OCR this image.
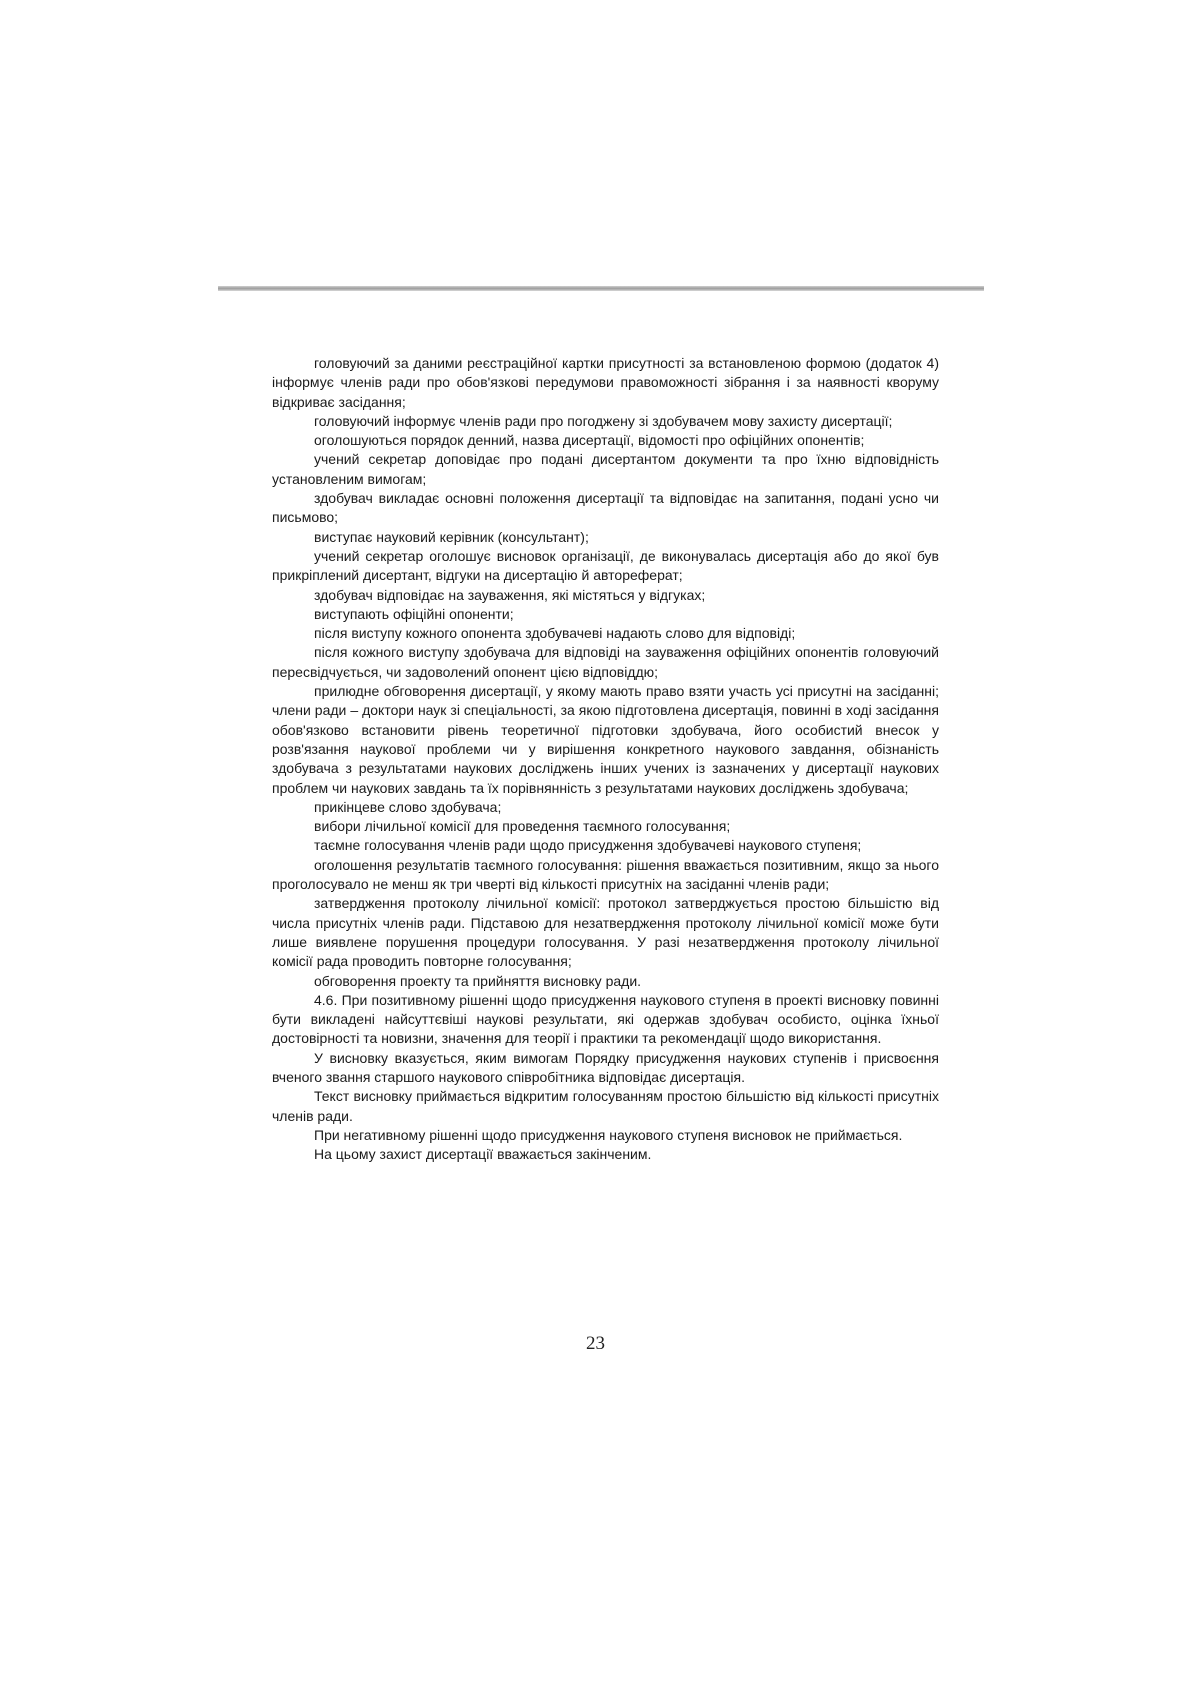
головуючий за даними реєстраційної картки присутності за встановленою формою (додаток 4) інформує членів ради про обов'язкові передумови правоможності зібрання і за наявності кворуму відкриває засідання;

головуючий інформує членів ради про погоджену зі здобувачем мову захисту дисертації;

оголошуються порядок денний, назва дисертації, відомості про офіційних опонентів;

учений секретар доповідає про подані дисертантом документи та про їхню відповідність установленим вимогам;

здобувач викладає основні положення дисертації та відповідає на запитання, подані усно чи письмово;

виступає науковий керівник (консультант);

учений секретар оголошує висновок організації, де виконувалась дисертація або до якої був прикріплений дисертант, відгуки на дисертацію й автореферат;

здобувач відповідає на зауваження, які містяться у відгуках;

виступають офіційні опоненти;

після виступу кожного опонента здобувачеві надають слово для відповіді;

після кожного виступу здобувача для відповіді на зауваження офіційних опонентів головуючий пересвідчується, чи задоволений опонент цією відповіддю;

прилюдне обговорення дисертації, у якому мають право взяти участь усі присутні на засіданні; члени ради – доктори наук зі спеціальності, за якою підготовлена дисертація, повинні в ході засідання обов'язково встановити рівень теоретичної підготовки здобувача, його особистий внесок у розв'язання наукової проблеми чи у вирішення конкретного наукового завдання, обізнаність здобувача з результатами наукових досліджень інших учених із зазначених у дисертації наукових проблем чи наукових завдань та їх порівнянність з результатами наукових досліджень здобувача;

прикінцеве слово здобувача;

вибори лічильної комісії для проведення таємного голосування;

таємне голосування членів ради щодо присудження здобувачеві наукового ступеня;

оголошення результатів таємного голосування: рішення вважається позитивним, якщо за нього проголосувало не менш як три чверті від кількості присутніх на засіданні членів ради;

затвердження протоколу лічильної комісії: протокол затверджується простою більшістю від числа присутніх членів ради. Підставою для незатвердження протоколу лічильної комісії може бути лише виявлене порушення процедури голосування. У разі незатвердження протоколу лічильної комісії рада проводить повторне голосування;

обговорення проекту та прийняття висновку ради.

4.6. При позитивному рішенні щодо присудження наукового ступеня в проекті висновку повинні бути викладені найсуттєвіші наукові результати, які одержав здобувач особисто, оцінка їхньої достовірності та новизни, значення для теорії і практики та рекомендації щодо використання.

У висновку вказується, яким вимогам Порядку присудження наукових ступенів і присвоєння вченого звання старшого наукового співробітника відповідає дисертація.

Текст висновку приймається відкритим голосуванням простою більшістю від кількості присутніх членів ради.

При негативному рішенні щодо присудження наукового ступеня висновок не приймається.

На цьому захист дисертації вважається закінченим.

23
